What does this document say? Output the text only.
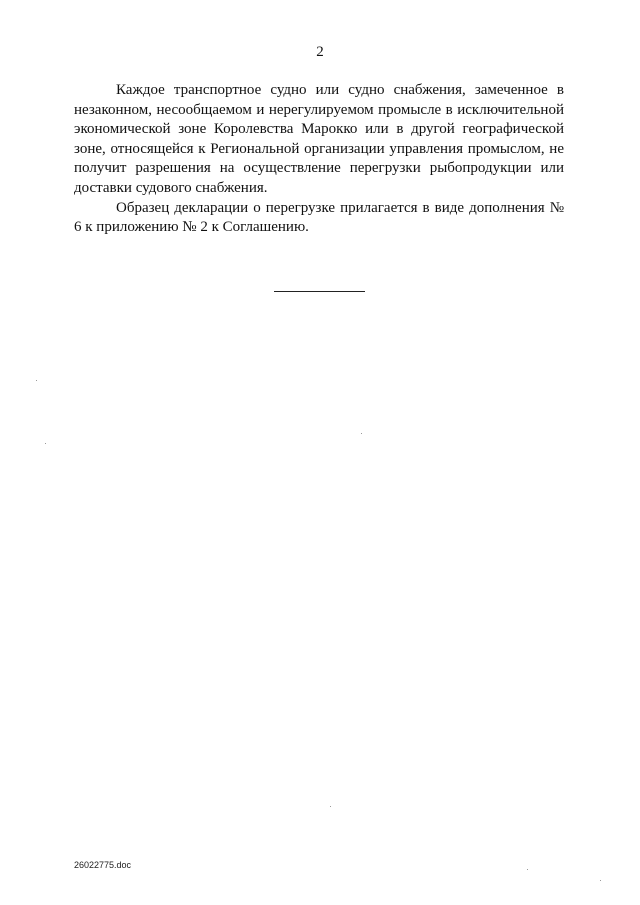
2

Каждое транспортное судно или судно снабжения, замеченное в незаконном, несообщаемом и нерегулируемом промысле в исключительной экономической зоне Королевства Марокко или в другой географической зоне, относящейся к Региональной организации управления промыслом, не получит разрешения на осуществление перегрузки рыбопродукции или доставки судового снабжения.

Образец декларации о перегрузке прилагается в виде дополнения № 6 к приложению № 2 к Соглашению.

26022775.doc
